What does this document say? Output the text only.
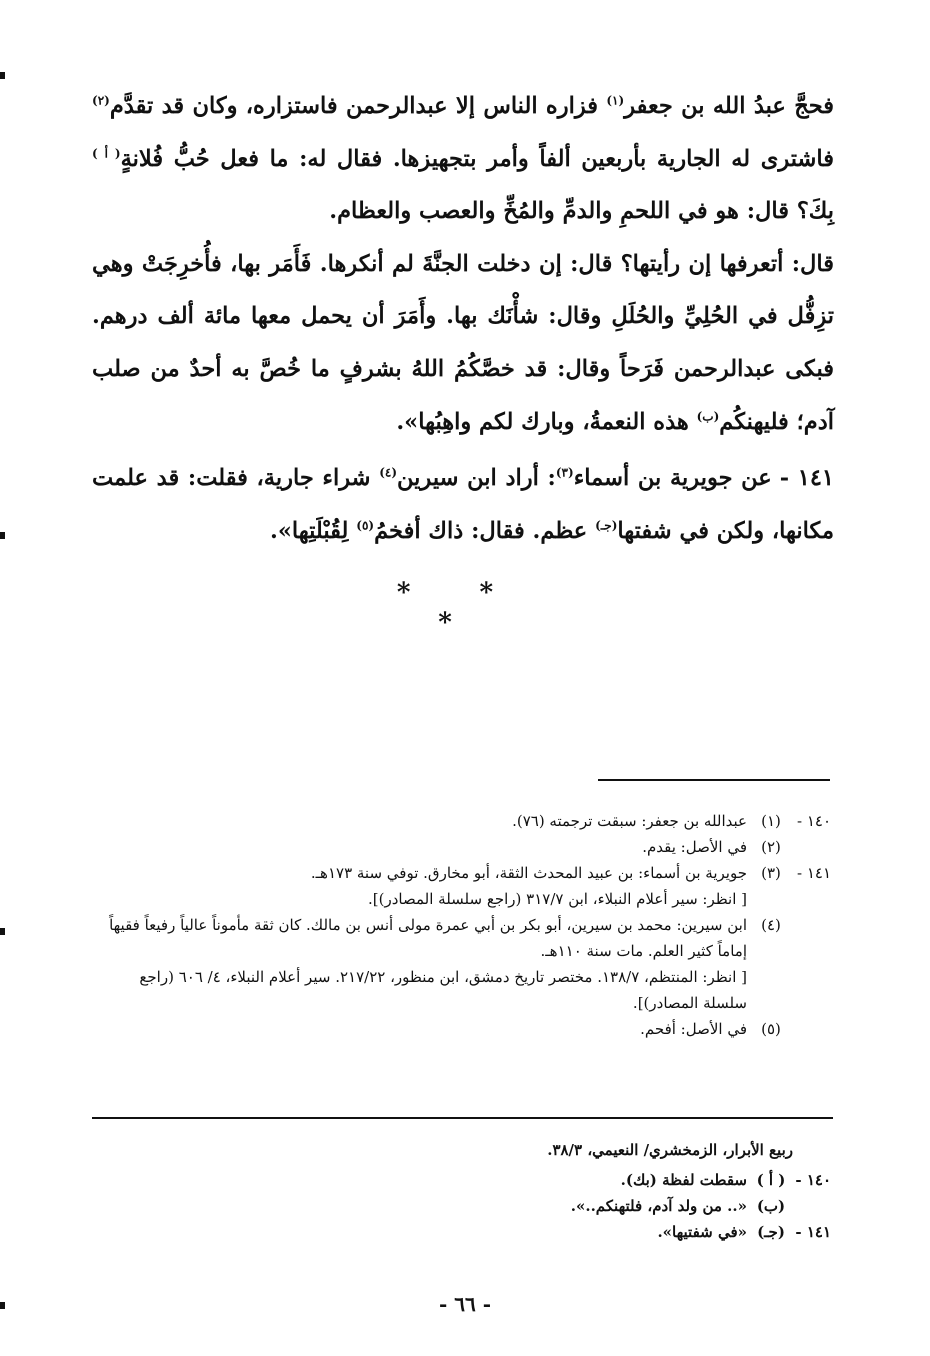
فحجَّ عبدُ الله بن جعفر$^{(١)}$ فزاره الناس إلا عبدالرحمن فاستزاره، وكان قد تقدَّم$^{(٢)}$ فاشترى له الجارية بأربعين ألفاً وأمر بتجهيزها. فقال له: ما فعل حُبُّ فُلانةٍ$^{( أ )}$ بِكَ؟ قال: هو في اللحمِ والدمِّ والمُخِّ والعصب والعظام.

قال: أتعرفها إن رأيتها؟ قال: إن دخلت الجنَّةَ لم أنكرها. فَأَمَر بها، فأُخرِجَتْ وهي تزِفُّل في الحُلِيِّ والحُلَلِ وقال: شأْنَك بها. وأَمَرَ أن يحمل معها مائة ألف درهم. فبكى عبدالرحمن فَرَحاً وقال: قد خصَّكُمُ اللهُ بشرفٍ ما خُصَّ به أحدٌ من صلب آدم؛ فليهنكُم$^{(ب)}$ هذه النعمةُ، وبارك لكم واهِبُها».

١٤١ -عن جويرية بن أسماء$^{(٣)}$: أراد ابن سيرين$^{(٤)}$ شراء جارية، فقلت: قد علمت مكانها، ولكن في شفتها$^{(جـ)}$ عظم. فقال: ذاك أفخمُ$^{(٥)}$ لِقُبْلَتِها».

* * *
١٤٠ -(١)
عبدالله بن جعفر: سبقت ترجمته (٧٦).
(٢)
في الأصل: يقدم.
١٤١ -(٣)
جويرية بن أسماء: بن عبيد المحدث الثقة، أبو مخارق. توفي سنة ١٧٣هـ.
[ انظر: سير أعلام النبلاء، ابن ٣١٧/٧ (راجع سلسلة المصادر)].
(٤)
ابن سيرين: محمد بن سيرين، أبو بكر بن أبي عمرة مولى أنس بن مالك. كان ثقة مأموناً عالياً رفيعاً فقيهاً إماماً كثير العلم. مات سنة ١١٠هـ.
[ انظر: المنتظم، ١٣٨/٧. مختصر تاريخ دمشق، ابن منظور، ٢١٧/٢٢. سير أعلام النبلاء، ٤/ ٦٠٦ (راجع سلسلة المصادر)].
(٥)
في الأصل: أفحم.
ربيع الأبرار، الزمخشري/ النعيمي، ٣٨/٣.
١٤٠ -( أ )
سقطت لفظة (بك).
(ب)
«.. من ولد آدم، فلتهنكم..».
١٤١ -(جـ)
«في شفتيها».
- ٦٦ -
